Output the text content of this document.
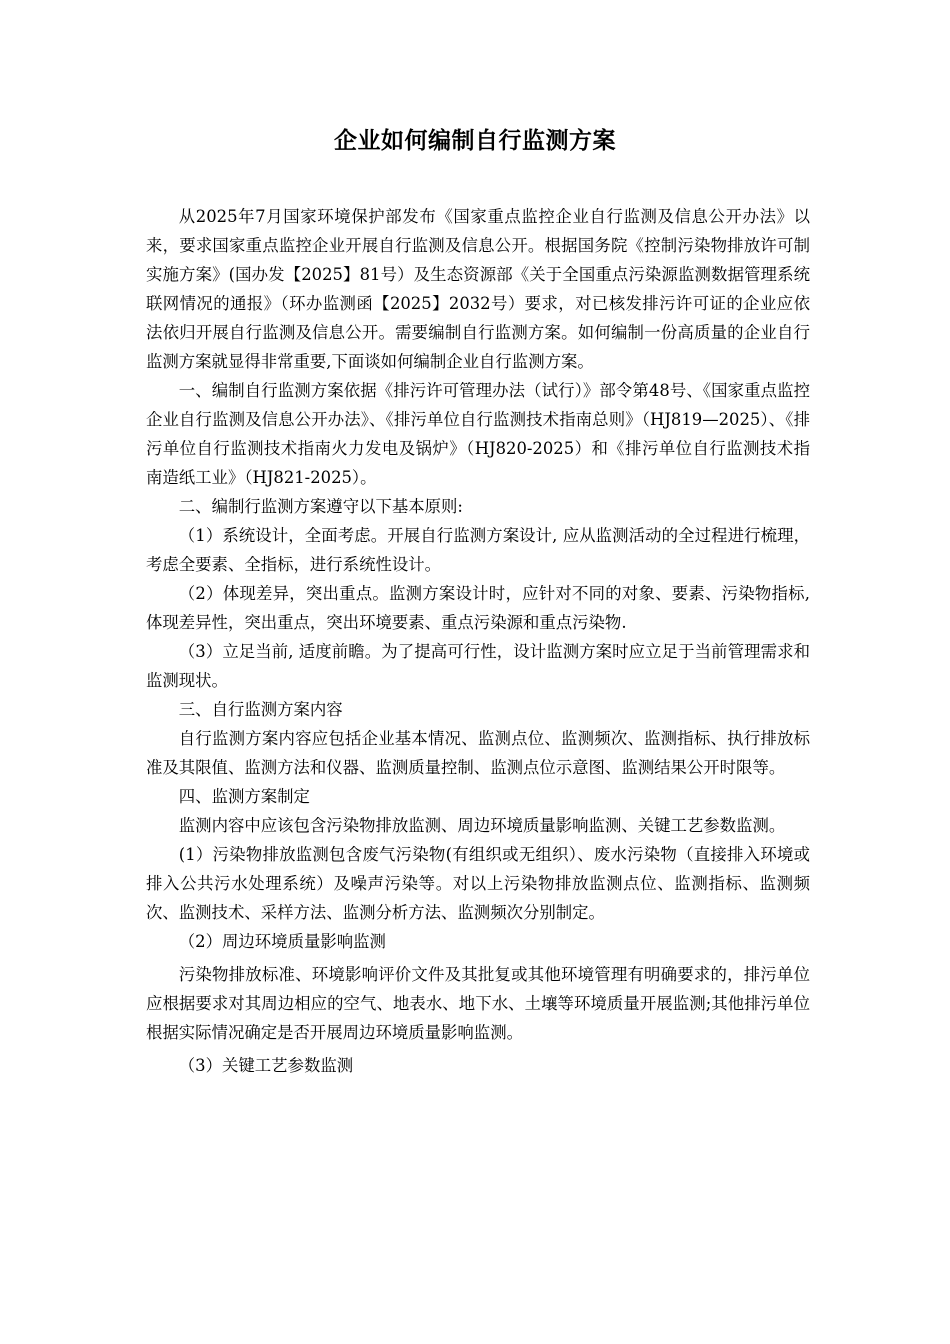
企业如何编制自行监测方案

从2025年7月国家环境保护部发布《国家重点监控企业自行监测及信息公开办法》以来，要求国家重点监控企业开展自行监测及信息公开。根据国务院《控制污染物排放许可制实施方案》(国办发【2025】81号）及生态资源部《关于全国重点污染源监测数据管理系统联网情况的通报》（环办监测函【2025】2032号）要求，对已核发排污许可证的企业应依法依归开展自行监测及信息公开。需要编制自行监测方案。如何编制一份高质量的企业自行监测方案就显得非常重要,下面谈如何编制企业自行监测方案。

一、编制自行监测方案依据《排污许可管理办法（试行）》部令第48号、《国家重点监控企业自行监测及信息公开办法》、《排污单位自行监测技术指南总则》（HJ819—2025）、《排污单位自行监测技术指南火力发电及锅炉》（HJ820-2025）和《排污单位自行监测技术指南造纸工业》（HJ821-2025）。

二、编制行监测方案遵守以下基本原则:

（1）系统设计，全面考虑。开展自行监测方案设计, 应从监测活动的全过程进行梳理，考虑全要素、全指标，进行系统性设计。

（2）体现差异，突出重点。监测方案设计时，应针对不同的对象、要素、污染物指标, 体现差异性，突出重点，突出环境要素、重点污染源和重点污染物.

（3）立足当前, 适度前瞻。为了提高可行性，设计监测方案时应立足于当前管理需求和监测现状。

三、自行监测方案内容

自行监测方案内容应包括企业基本情况、监测点位、监测频次、监测指标、执行排放标准及其限值、监测方法和仪器、监测质量控制、监测点位示意图、监测结果公开时限等。

四、监测方案制定

监测内容中应该包含污染物排放监测、周边环境质量影响监测、关键工艺参数监测。

(1）污染物排放监测包含废气污染物(有组织或无组织）、废水污染物（直接排入环境或排入公共污水处理系统）及噪声污染等。对以上污染物排放监测点位、监测指标、监测频次、监测技术、采样方法、监测分析方法、监测频次分别制定。

（2）周边环境质量影响监测

污染物排放标准、环境影响评价文件及其批复或其他环境管理有明确要求的，排污单位应根据要求对其周边相应的空气、地表水、地下水、土壤等环境质量开展监测;其他排污单位根据实际情况确定是否开展周边环境质量影响监测。

（3）关键工艺参数监测
